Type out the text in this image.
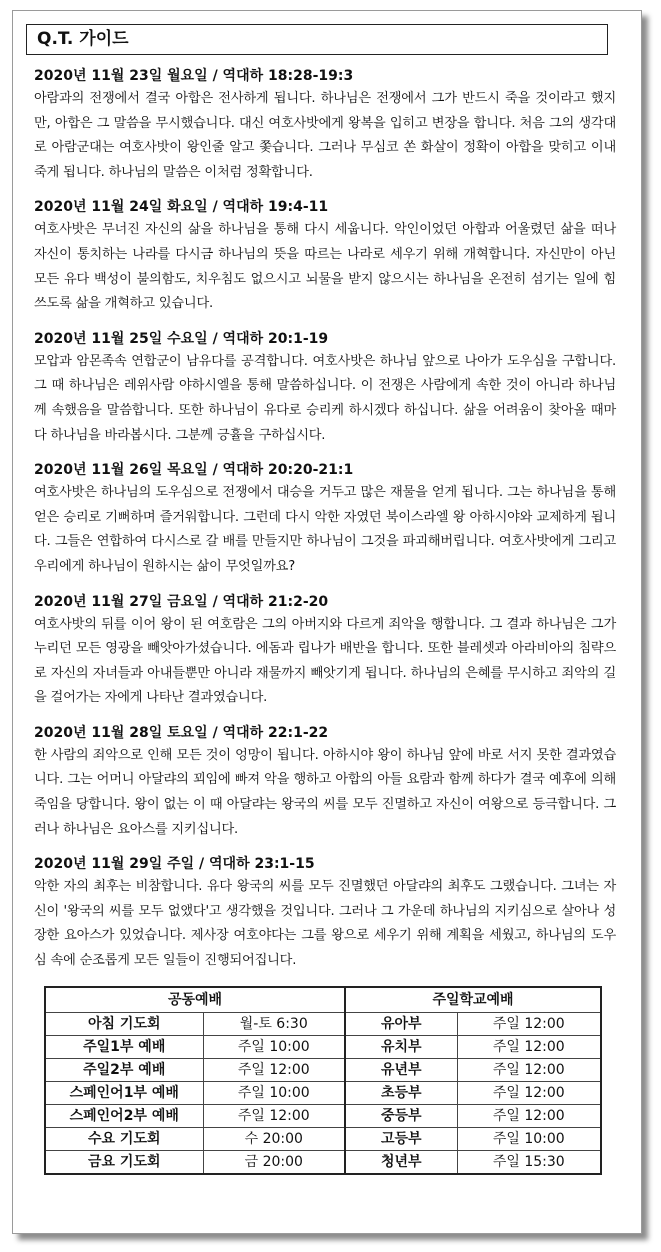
Q.T. 가이드
2020년 11월 23일 월요일 / 역대하 18:28-19:3
아람과의 전쟁에서 결국 아합은 전사하게 됩니다. 하나님은 전쟁에서 그가 반드시 죽을 것이라고 했지만, 아합은 그 말씀을 무시했습니다. 대신 여호사밧에게 왕복을 입히고 변장을 합니다. 처음 그의 생각대로 아람군대는 여호사밧이 왕인줄 알고 쫓습니다. 그러나 무심코 쏜 화살이 정확이 아합을 맞히고 이내 죽게 됩니다. 하나님의 말씀은 이처럼 정확합니다.
2020년 11월 24일 화요일 / 역대하 19:4-11
여호사밧은 무너진 자신의 삶을 하나님을 통해 다시 세웁니다. 악인이었던 아합과 어울렸던 삶을 떠나 자신이 통치하는 나라를 다시금 하나님의 뜻을 따르는 나라로 세우기 위해 개혁합니다. 자신만이 아닌 모든 유다 백성이 불의함도, 치우침도 없으시고 뇌물을 받지 않으시는 하나님을 온전히 섬기는 일에 힘쓰도록 삶을 개혁하고 있습니다.
2020년 11월 25일 수요일 / 역대하 20:1-19
모압과 암몬족속 연합군이 남유다를 공격합니다. 여호사밧은 하나님 앞으로 나아가 도우심을 구합니다. 그 때 하나님은 레위사람 야하시엘을 통해 말씀하십니다. 이 전쟁은 사람에게 속한 것이 아니라 하나님께 속했음을 말씀합니다. 또한 하나님이 유다로 승리케 하시겠다 하십니다. 삶을 어려움이 찾아올 때마다 하나님을 바라봅시다. 그분께 긍휼을 구하십시다.
2020년 11월 26일 목요일 / 역대하 20:20-21:1
여호사밧은 하나님의 도우심으로 전쟁에서 대승을 거두고 많은 재물을 얻게 됩니다. 그는 하나님을 통해 얻은 승리로 기뻐하며 즐거워합니다. 그런데 다시 악한 자였던 북이스라엘 왕 아하시야와 교제하게 됩니다. 그들은 연합하여 다시스로 갈 배를 만들지만 하나님이 그것을 파괴해버립니다. 여호사밧에게 그리고 우리에게 하나님이 원하시는 삶이 무엇일까요?
2020년 11월 27일 금요일 / 역대하 21:2-20
여호사밧의 뒤를 이어 왕이 된 여호람은 그의 아버지와 다르게 죄악을 행합니다. 그 결과 하나님은 그가 누리던 모든 영광을 빼앗아가셨습니다. 에돔과 립나가 배반을 합니다. 또한 블레셋과 아라비아의 침략으로 자신의 자녀들과 아내들뿐만 아니라 재물까지 빼앗기게 됩니다. 하나님의 은혜를 무시하고 죄악의 길을 걸어가는 자에게 나타난 결과였습니다.
2020년 11월 28일 토요일 / 역대하 22:1-22
한 사람의 죄악으로 인해 모든 것이 엉망이 됩니다. 아하시야 왕이 하나님 앞에 바로 서지 못한 결과였습니다. 그는 어머니 아달랴의 꾀임에 빠져 악을 행하고 아합의 아들 요람과 함께 하다가 결국 예후에 의해 죽임을 당합니다. 왕이 없는 이 때 아달랴는 왕국의 씨를 모두 진멸하고 자신이 여왕으로 등극합니다. 그러나 하나님은 요아스를 지키십니다.
2020년 11월 29일 주일 / 역대하 23:1-15
악한 자의 최후는 비참합니다. 유다 왕국의 씨를 모두 진멸했던 아달랴의 최후도 그랬습니다. 그녀는 자신이 '왕국의 씨를 모두 없앴다'고 생각했을 것입니다. 그러나 그 가운데 하나님의 지키심으로 살아나 성장한 요아스가 있었습니다. 제사장 여호야다는 그를 왕으로 세우기 위해 계획을 세웠고, 하나님의 도우심 속에 순조롭게 모든 일들이 진행되어집니다.
공동예배		주일학교예배	
아침 기도회	월-토 6:30	유아부	주일 12:00
주일1부 예배	주일 10:00	유치부	주일 12:00
주일2부 예배	주일 12:00	유년부	주일 12:00
스페인어1부 예배	주일 10:00	초등부	주일 12:00
스페인어2부 예배	주일 12:00	중등부	주일 12:00
수요 기도회	수 20:00	고등부	주일 10:00
금요 기도회	금 20:00	청년부	주일 15:30
